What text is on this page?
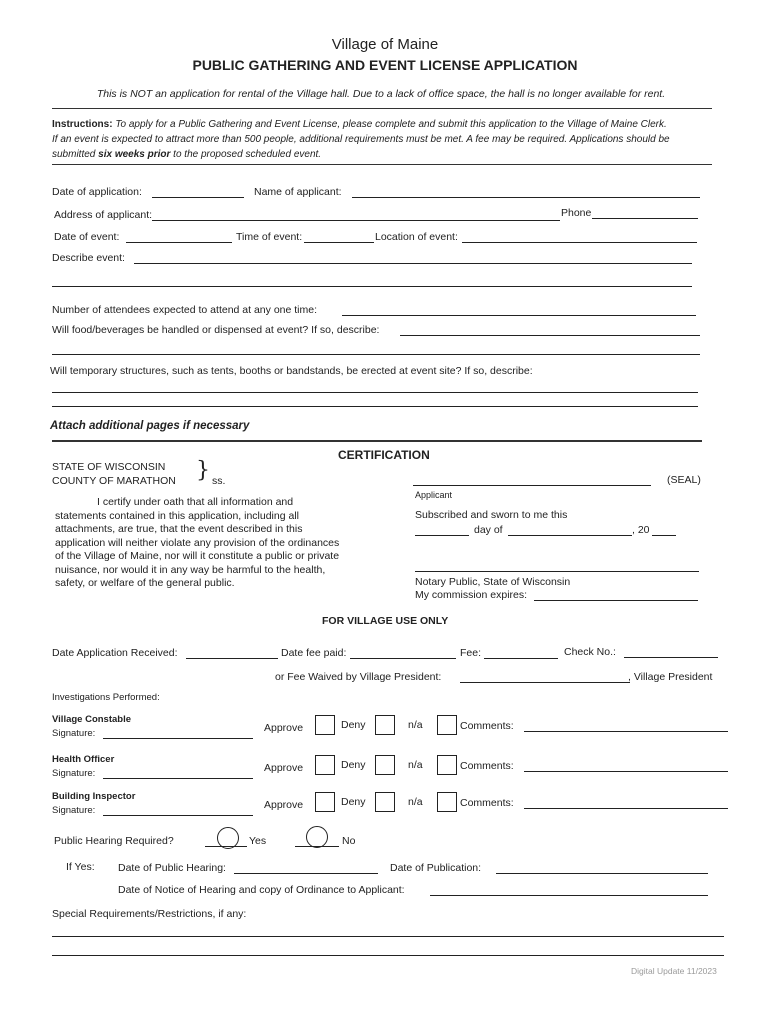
Village of Maine
PUBLIC GATHERING AND EVENT LICENSE APPLICATION
This is NOT an application for rental of the Village hall. Due to a lack of office space, the hall is no longer available for rent.
Instructions: To apply for a Public Gathering and Event License, please complete and submit this application to the Village of Maine Clerk. If an event is expected to attract more than 500 people, additional requirements must be met. A fee may be required. Applications should be submitted six weeks prior to the proposed scheduled event.
Date of application:	Name of applicant:
Address of applicant:	Phone
Date of event:	Time of event:	Location of event:
Describe event:
Number of attendees expected to attend at any one time:
Will food/beverages be handled or dispensed at event? If so, describe:
Will temporary structures, such as tents, booths or bandstands, be erected at event site? If so, describe:
Attach additional pages if necessary
CERTIFICATION
STATE OF WISCONSIN
COUNTY OF MARATHON } ss.	(SEAL)
Applicant
I certify under oath that all information and statements contained in this application, including all attachments, are true, that the event described in this application will neither violate any provision of the ordinances of the Village of Maine, nor will it constitute a public or private nuisance, nor would it in any way be harmful to the health, safety, or welfare of the general public.
Subscribed and sworn to me this
day of	, 20
Notary Public, State of Wisconsin
My commission expires:
FOR VILLAGE USE ONLY
Date Application Received:	Date fee paid:	Fee:	Check No.:
or Fee Waived by Village President:	, Village President
Investigations Performed:
Village Constable
Signature:	Approve	Deny	n/a	Comments:
Health Officer
Signature:	Approve	Deny	n/a	Comments:
Building Inspector
Signature:	Approve	Deny	n/a	Comments:
Public Hearing Required?	Yes	No
If Yes: Date of Public Hearing:	Date of Publication:
Date of Notice of Hearing and copy of Ordinance to Applicant:
Special Requirements/Restrictions, if any:
Digital Update 11/2023
